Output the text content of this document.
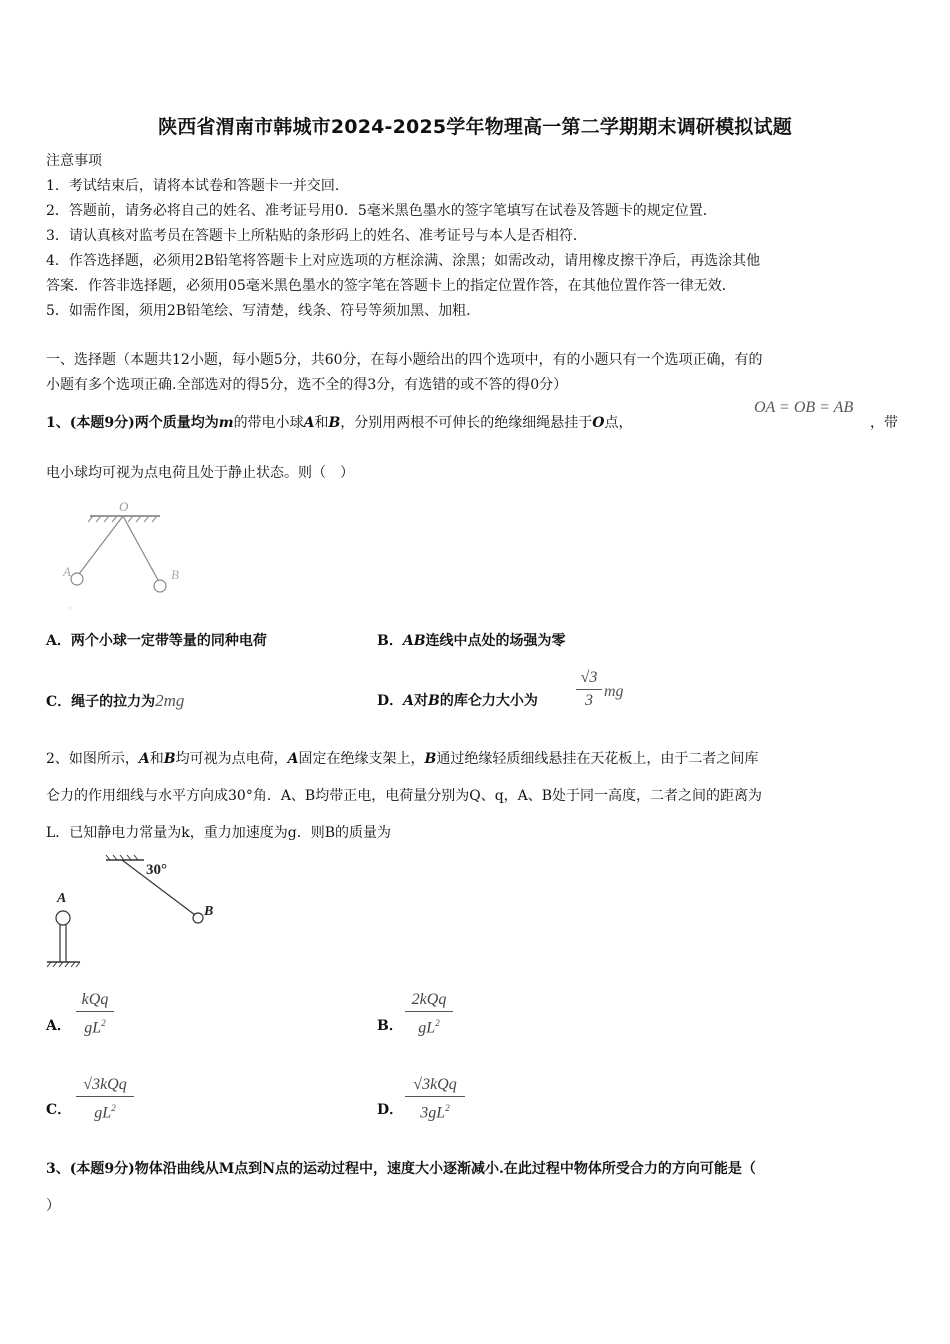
陕西省渭南市韩城市2024-2025学年物理高一第二学期期末调研模拟试题
注意事项
1．考试结束后，请将本试卷和答题卡一并交回．
2．答题前，请务必将自己的姓名、准考证号用0．5毫米黑色墨水的签字笔填写在试卷及答题卡的规定位置．
3．请认真核对监考员在答题卡上所粘贴的条形码上的姓名、准考证号与本人是否相符．
4．作答选择题，必须用2B铅笔将答题卡上对应选项的方框涂满、涂黑；如需改动，请用橡皮擦干净后，再选涂其他
答案．作答非选择题，必须用05毫米黑色墨水的签字笔在答题卡上的指定位置作答，在其他位置作答一律无效．
5．如需作图，须用2B铅笔绘、写清楚，线条、符号等须加黑、加粗．
一、选择题（本题共12小题，每小题5分，共60分，在每小题给出的四个选项中，有的小题只有一个选项正确，有的
小题有多个选项正确.全部选对的得5分，选不全的得3分，有选错的或不答的得0分）
1、(本题9分)两个质量均为m的带电小球A和B，分别用两根不可伸长的绝缘细绳悬挂于O点，
OA = OB = AB
，带
电小球均可视为点电荷且处于静止状态。则（　）
O
A	B
◦
A．两个小球一定带等量的同种电荷	B．AB连线中点处的场强为零
C．绳子的拉力为2mg	D．A对B的库仑力大小为
√3
3
mg
2、如图所示，A和B均可视为点电荷，A固定在绝缘支架上，B通过绝缘轻质细线悬挂在天花板上，由于二者之间库
仑力的作用细线与水平方向成30°角．A、B均带正电，电荷量分别为Q、q，A、B处于同一高度，二者之间的距离为
L．已知静电力常量为k，重力加速度为g．则B的质量为
30°
B
A
A．
kQq
$gL^2$	B．
2kQq
$gL^2$
C．
√3kQq
$gL^2$	D．
√3kQq
$3gL^2$
3、(本题9分)物体沿曲线从M点到N点的运动过程中，速度大小逐渐减小.在此过程中物体所受合力的方向可能是（
）
